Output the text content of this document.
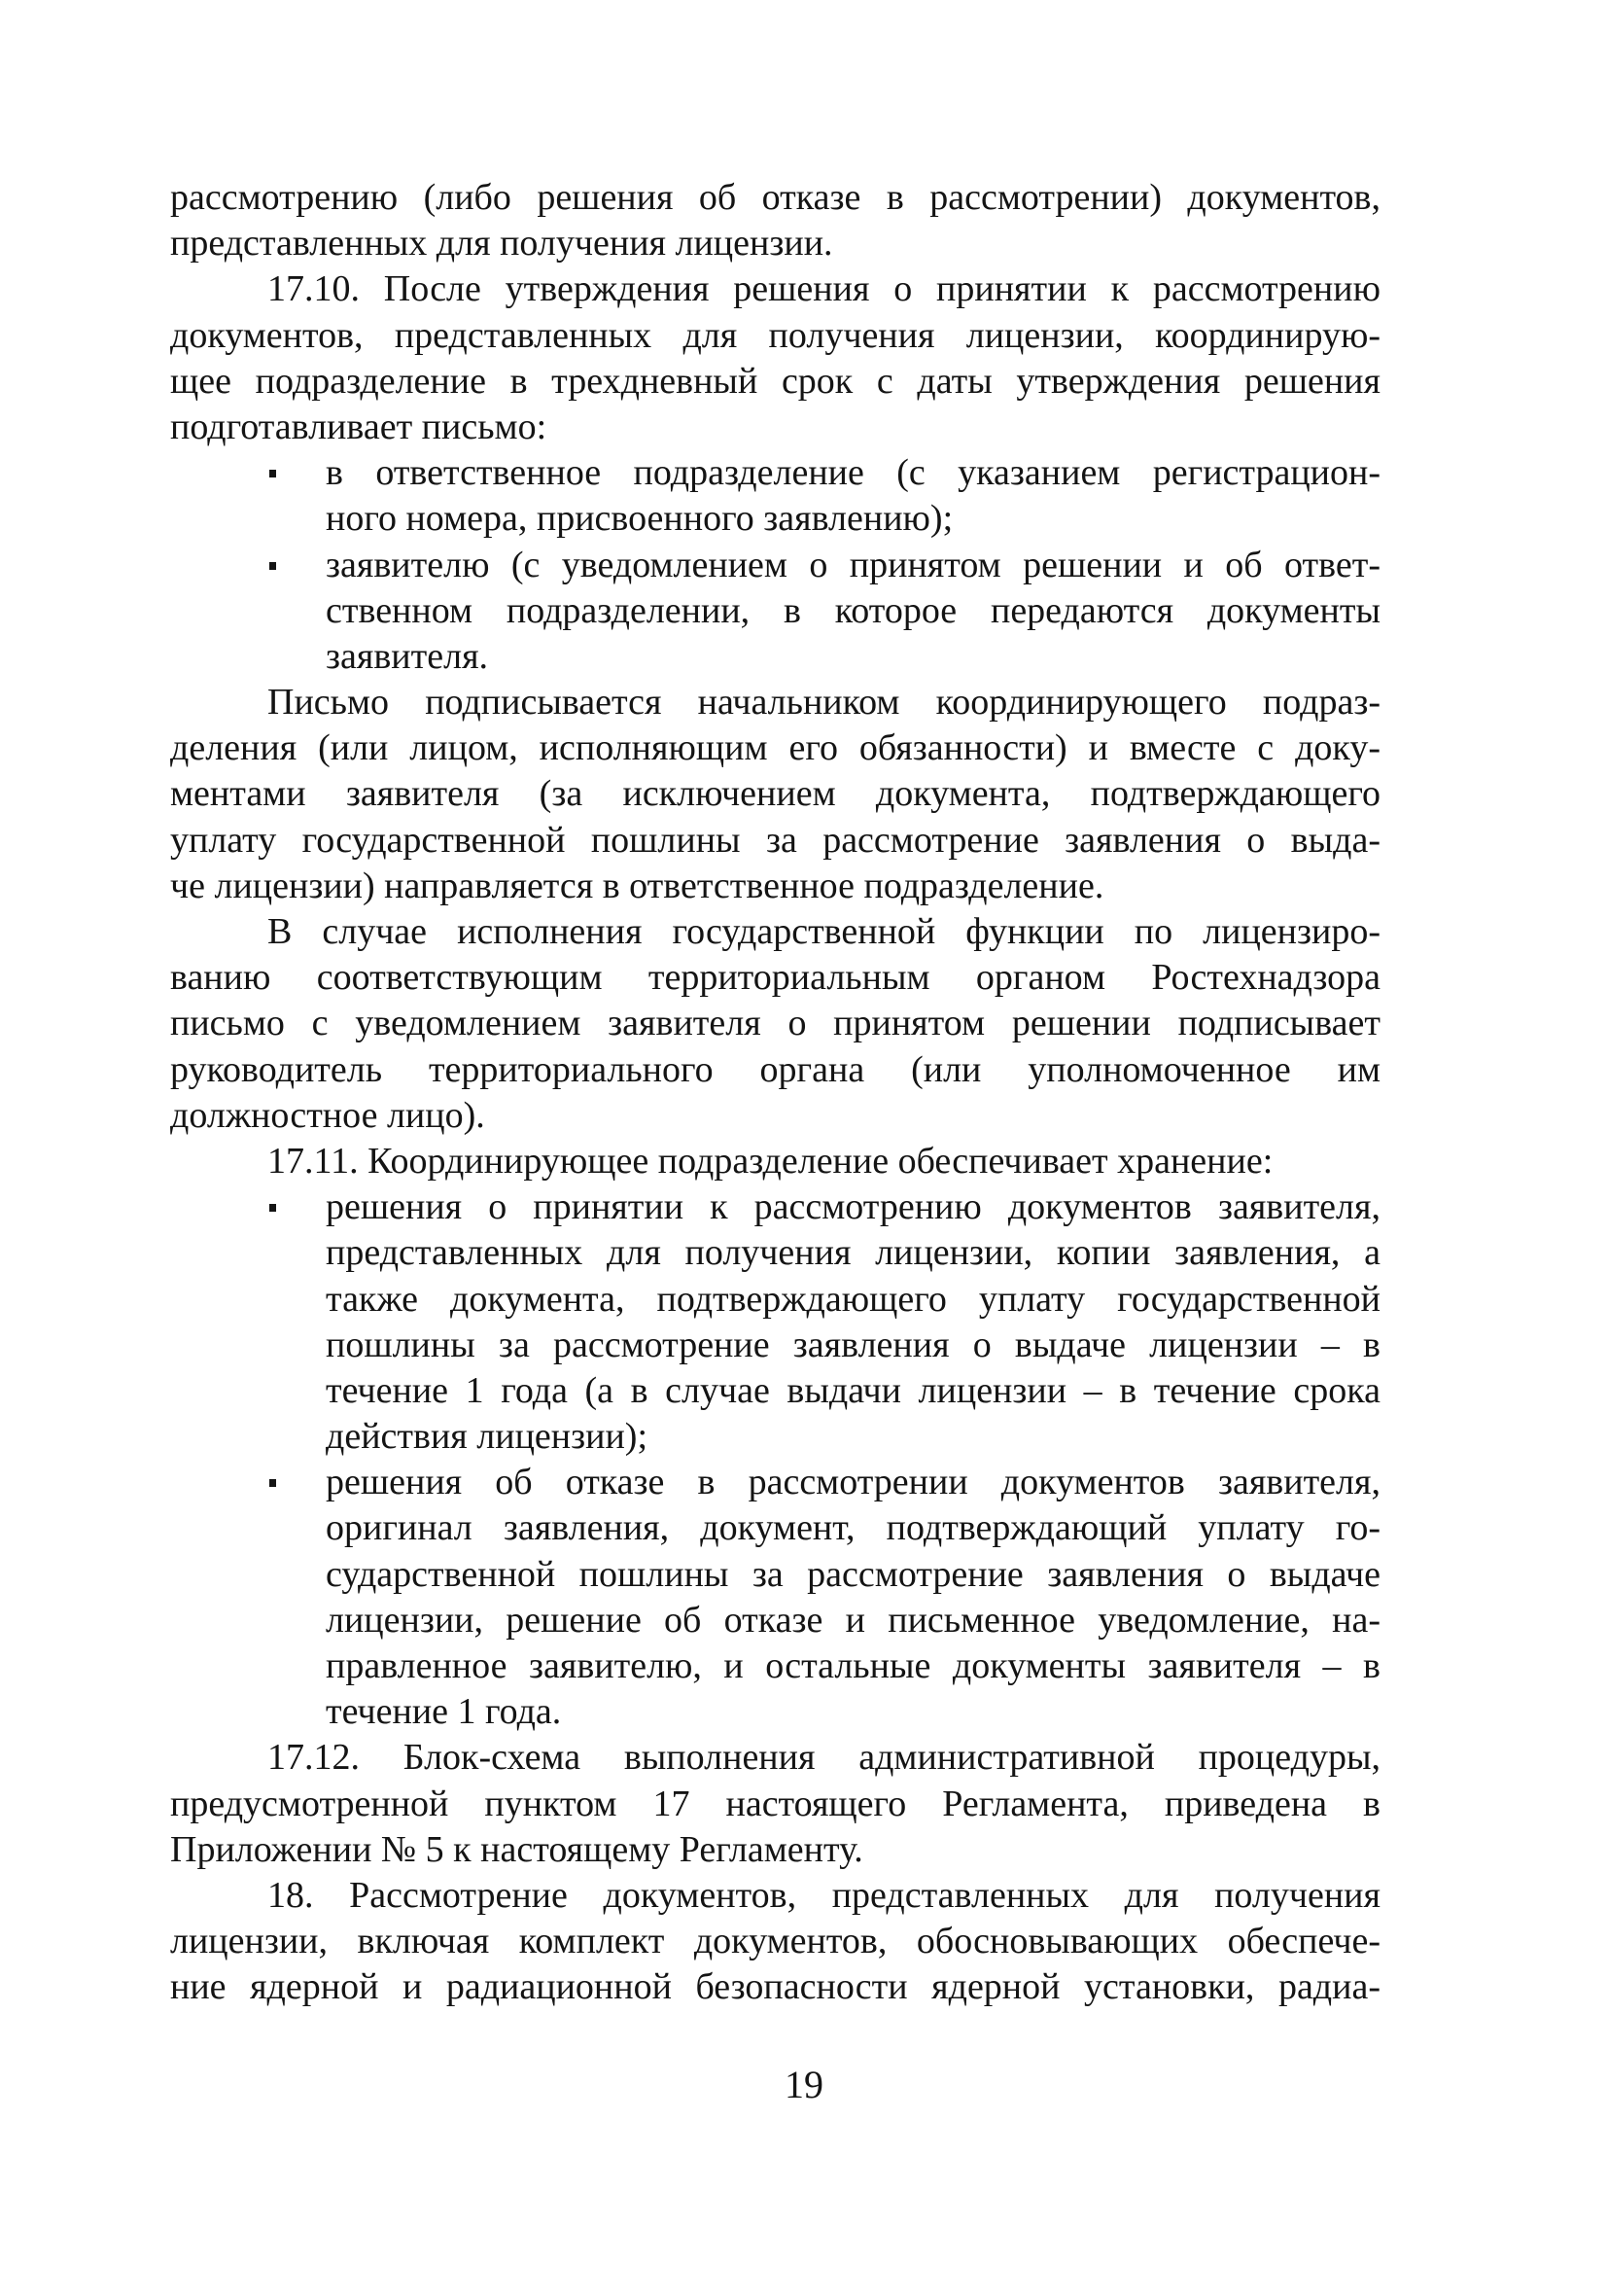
рассмотрению (либо решения об отказе в рассмотрении) документов,
представленных для получения лицензии.
17.10. После утверждения решения о принятии к рассмотрению
документов, представленных для получения лицензии, координирую-
щее подразделение в трехдневный срок с даты утверждения решения
подготавливает письмо:
в ответственное подразделение (с указанием регистрацион-
ного номера, присвоенного заявлению);
заявителю (с уведомлением о принятом решении и об ответ-
ственном подразделении, в которое передаются документы
заявителя.
Письмо подписывается начальником координирующего подраз-
деления (или лицом, исполняющим его обязанности) и вместе с доку-
ментами заявителя (за исключением документа, подтверждающего
уплату государственной пошлины за рассмотрение заявления о выда-
че лицензии) направляется в ответственное подразделение.
В случае исполнения государственной функции по лицензиро-
ванию соответствующим территориальным органом Ростехнадзора
письмо с уведомлением заявителя о принятом решении подписывает
руководитель территориального органа (или уполномоченное им
должностное лицо).
17.11. Координирующее подразделение обеспечивает хранение:
решения о принятии к рассмотрению документов заявителя,
представленных для получения лицензии, копии заявления, а
также документа, подтверждающего уплату государственной
пошлины за рассмотрение заявления о выдаче лицензии – в
течение 1 года (а в случае выдачи лицензии – в течение срока
действия лицензии);
решения об отказе в рассмотрении документов заявителя,
оригинал заявления, документ, подтверждающий уплату го-
сударственной пошлины за рассмотрение заявления о выдаче
лицензии, решение об отказе и письменное уведомление, на-
правленное заявителю, и остальные документы заявителя – в
течение 1 года.
17.12. Блок-схема выполнения административной процедуры,
предусмотренной пунктом 17 настоящего Регламента, приведена в
Приложении № 5 к настоящему Регламенту.
18. Рассмотрение документов, представленных для получения
лицензии, включая комплект документов, обосновывающих обеспече-
ние ядерной и радиационной безопасности ядерной установки, радиа-
19
